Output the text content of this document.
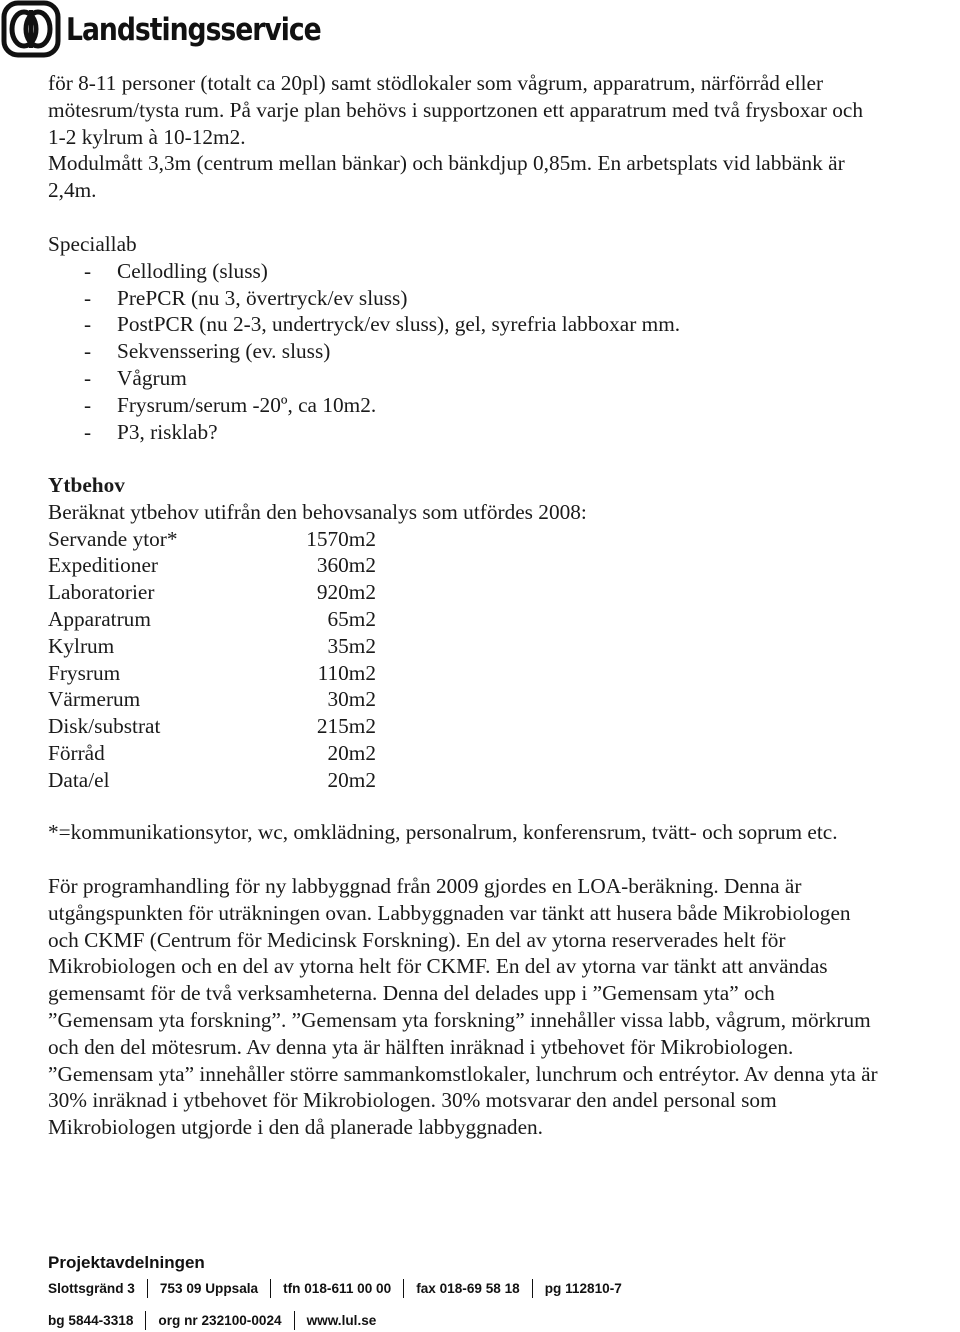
Landstingsservice

för 8-11 personer (totalt ca 20pl) samt stödlokaler som vågrum, apparatrum, närförråd eller

mötesrum/tysta rum. På varje plan behövs i supportzonen ett apparatrum med två frysboxar och

1-2 kylrum à 10-12m2.

Modulmått 3,3m (centrum mellan bänkar) och bänkdjup 0,85m. En arbetsplats vid labbänk är

2,4m.

Speciallab
- Cellodling (sluss)
- PrePCR (nu 3, övertryck/ev sluss)
- PostPCR (nu 2-3, undertryck/ev sluss), gel, syrefria labboxar mm.
- Sekvenssering (ev. sluss)
- Vågrum
- Frysrum/serum -20º, ca 10m2.
- P3, risklab?
Ytbehov
Beräknat ytbehov utifrån den behovsanalys som utfördes 2008:
Servande ytor*	1570m2
Expeditioner	360m2
Laboratorier	920m2
Apparatrum	65m2
Kylrum	35m2
Frysrum	110m2
Värmerum	30m2
Disk/substrat	215m2
Förråd	20m2
Data/el	20m2
*=kommunikationsytor, wc, omklädning, personalrum, konferensrum, tvätt- och soprum etc.

För programhandling för ny labbyggnad från 2009 gjordes en LOA-beräkning. Denna är

utgångspunkten för uträkningen ovan. Labbyggnaden var tänkt att husera både Mikrobiologen

och CKMF (Centrum för Medicinsk Forskning). En del av ytorna reserverades helt för

Mikrobiologen och en del av ytorna helt för CKMF. En del av ytorna var tänkt att användas

gemensamt för de två verksamheterna. Denna del delades upp i ”Gemensam yta” och

”Gemensam yta forskning”. ”Gemensam yta forskning” innehåller vissa labb, vågrum, mörkrum

och den del mötesrum. Av denna yta är hälften inräknad i ytbehovet för Mikrobiologen.

”Gemensam yta” innehåller större sammankomstlokaler, lunchrum och entréytor. Av denna yta är

30% inräknad i ytbehovet för Mikrobiologen. 30% motsvarar den andel personal som

Mikrobiologen utgjorde i den då planerade labbyggnaden.

Projektavdelningen
Slottsgränd 3 753 09 Uppsala tfn 018-611 00 00 fax 018-69 58 18 pg 112810-7
bg 5844-3318 org nr 232100-0024 www.lul.se
